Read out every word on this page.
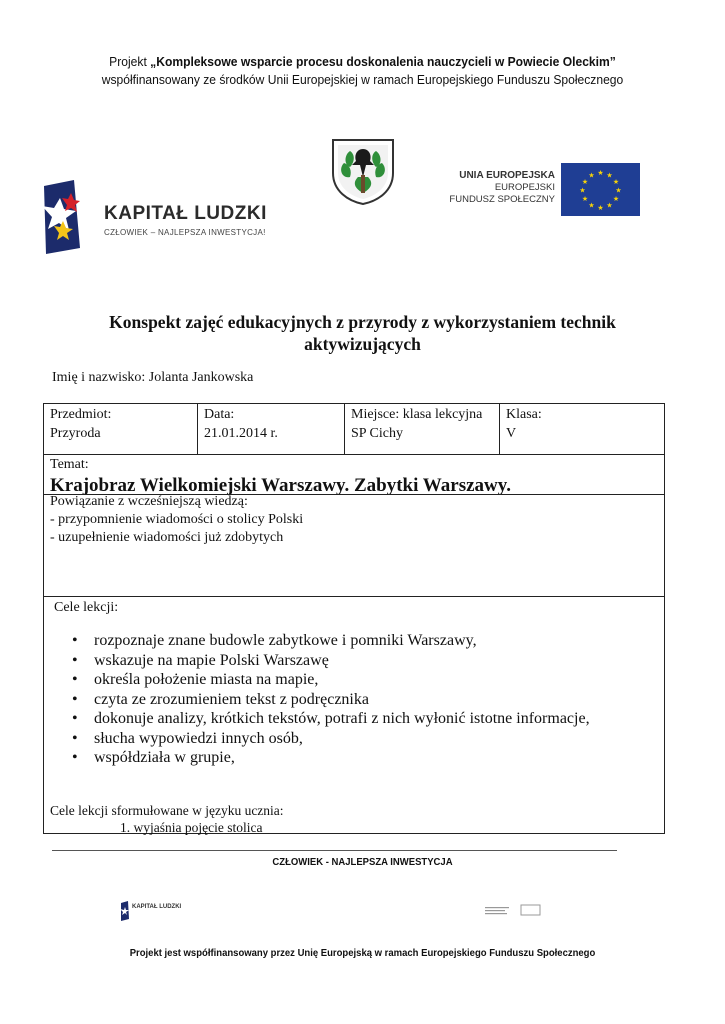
Projekt „Kompleksowe wsparcie procesu doskonalenia nauczycieli w Powiecie Oleckim”
współfinansowany ze środków Unii Europejskiej w ramach Europejskiego Funduszu Społecznego
KAPITAŁ LUDZKI
CZŁOWIEK – NAJLEPSZA INWESTYCJA!
UNIA EUROPEJSKA
EUROPEJSKI
FUNDUSZ SPOŁECZNY
★ ★
★
★
★
★
★
★
★
★
★
★
Konspekt zajęć edukacyjnych z przyrody z wykorzystaniem technik
aktywizujących
Imię i nazwisko: Jolanta Jankowska
Przedmiot:
Przyroda
Data:
21.01.2014 r.
Miejsce: klasa lekcyjna
SP Cichy
Klasa:
V
Temat:
Krajobraz Wielkomiejski Warszawy. Zabytki Warszawy.
Powiązanie z wcześniejszą wiedzą:
- przypomnienie wiadomości o stolicy Polski
- uzupełnienie wiadomości już zdobytych
Cele lekcji:
• rozpoznaje znane budowle zabytkowe i pomniki Warszawy,
• wskazuje na mapie Polski Warszawę
• określa położenie miasta na mapie,
• czyta ze zrozumieniem tekst z podręcznika
• dokonuje analizy, krótkich tekstów, potrafi z nich wyłonić istotne informacje,
• słucha wypowiedzi innych osób,
• współdziała w grupie,
Cele lekcji sformułowane w języku ucznia:
1. wyjaśnia pojęcie stolica
CZŁOWIEK - NAJLEPSZA INWESTYCJA
KAPITAŁ LUDZKI
Projekt jest współfinansowany przez Unię Europejską w ramach Europejskiego Funduszu Społecznego
